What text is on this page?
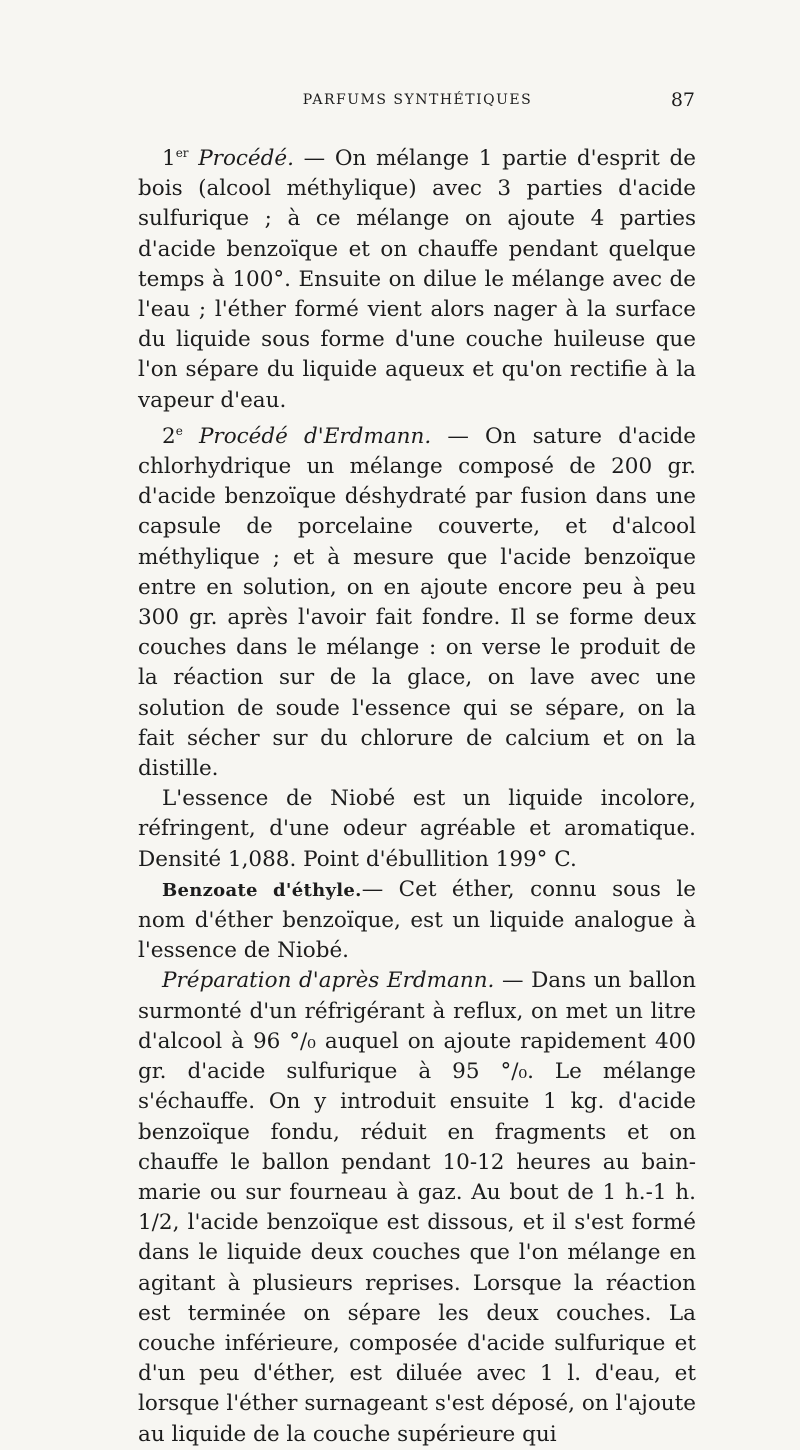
PARFUMS SYNTHÉTIQUES	87

1er Procédé. — On mélange 1 partie d'esprit de bois (alcool méthylique) avec 3 parties d'acide sulfurique ; à ce mélange on ajoute 4 parties d'acide benzoïque et on chauffe pendant quelque temps à 100°. Ensuite on dilue le mélange avec de l'eau ; l'éther formé vient alors nager à la surface du liquide sous forme d'une couche huileuse que l'on sépare du liquide aqueux et qu'on rectifie à la vapeur d'eau.

2e Procédé d'Erdmann. — On sature d'acide chlorhydrique un mélange composé de 200 gr. d'acide benzoïque déshydraté par fusion dans une capsule de porcelaine couverte, et d'alcool méthylique ; et à mesure que l'acide benzoïque entre en solution, on en ajoute encore peu à peu 300 gr. après l'avoir fait fondre. Il se forme deux couches dans le mélange : on verse le produit de la réaction sur de la glace, on lave avec une solution de soude l'essence qui se sépare, on la fait sécher sur du chlorure de calcium et on la distille.

L'essence de Niobé est un liquide incolore, réfringent, d'une odeur agréable et aromatique. Densité 1,088. Point d'ébullition 199° C.

Benzoate d'éthyle.— Cet éther, connu sous le nom d'éther benzoïque, est un liquide analogue à l'essence de Niobé.

Préparation d'après Erdmann. — Dans un ballon surmonté d'un réfrigérant à reflux, on met un litre d'alcool à 96 °/₀ auquel on ajoute rapidement 400 gr. d'acide sulfurique à 95 °/₀. Le mélange s'échauffe. On y introduit ensuite 1 kg. d'acide benzoïque fondu, réduit en fragments et on chauffe le ballon pendant 10-12 heures au bain-marie ou sur fourneau à gaz. Au bout de 1 h.-1 h. 1/2, l'acide benzoïque est dissous, et il s'est formé dans le liquide deux couches que l'on mélange en agitant à plusieurs reprises. Lorsque la réaction est terminée on sépare les deux couches. La couche inférieure, composée d'acide sulfurique et d'un peu d'éther, est diluée avec 1 l. d'eau, et lorsque l'éther surnageant s'est déposé, on l'ajoute au liquide de la couche supérieure qui
